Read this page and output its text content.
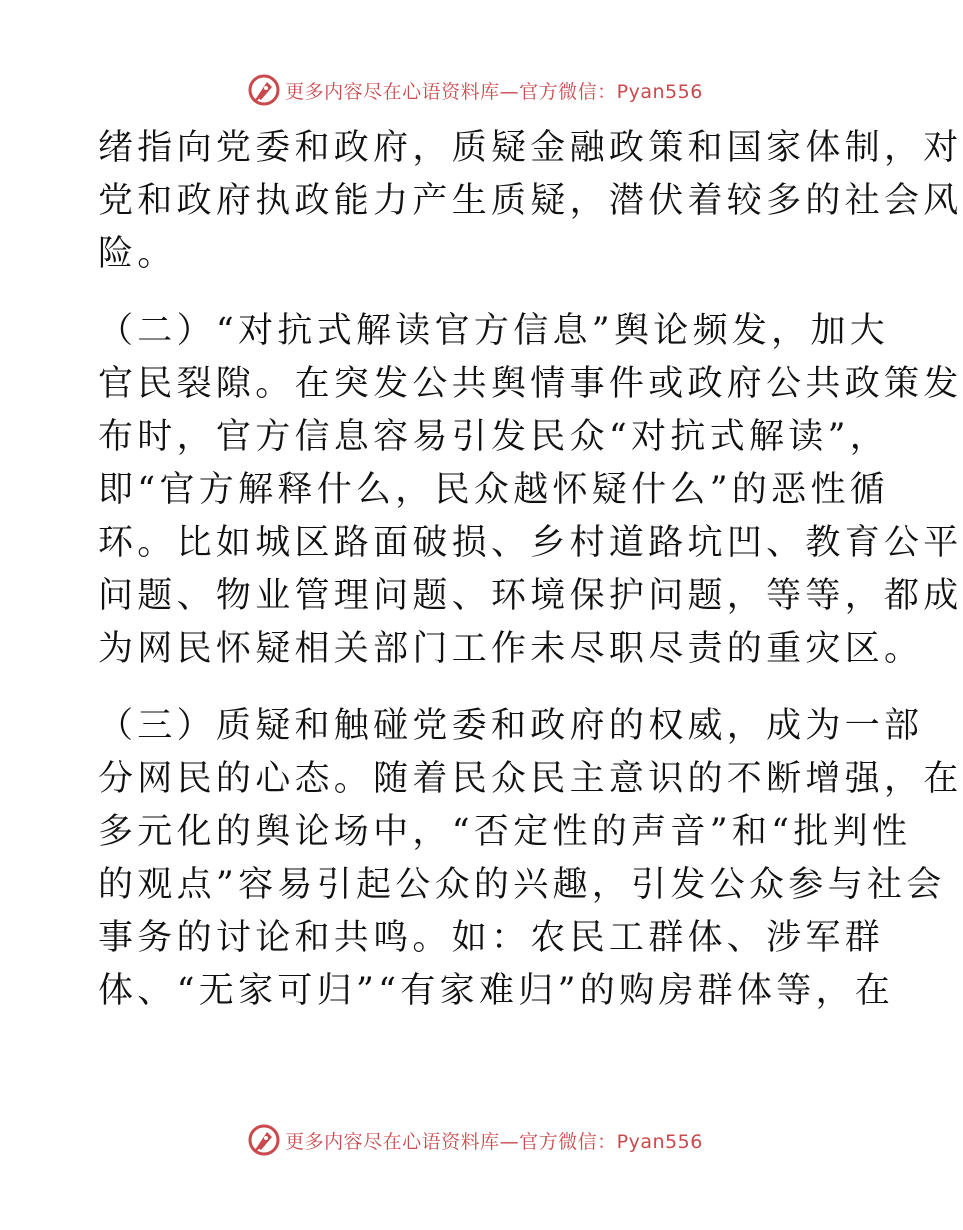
更多内容尽在心语资料库—官方微信：Pyan556
绪指向党委和政府，质疑金融政策和国家体制，对
党和政府执政能力产生质疑，潜伏着较多的社会风
险。
（二）“对抗式解读官方信息”舆论频发，加大
官民裂隙。在突发公共舆情事件或政府公共政策发
布时，官方信息容易引发民众“对抗式解读”，
即“官方解释什么，民众越怀疑什么”的恶性循
环。比如城区路面破损、乡村道路坑凹、教育公平
问题、物业管理问题、环境保护问题，等等，都成
为网民怀疑相关部门工作未尽职尽责的重灾区。
（三）质疑和触碰党委和政府的权威，成为一部
分网民的心态。随着民众民主意识的不断增强，在
多元化的舆论场中，“否定性的声音”和“批判性
的观点”容易引起公众的兴趣，引发公众参与社会
事务的讨论和共鸣。如：农民工群体、涉军群
体、“无家可归”“有家难归”的购房群体等，在
更多内容尽在心语资料库—官方微信：Pyan556
